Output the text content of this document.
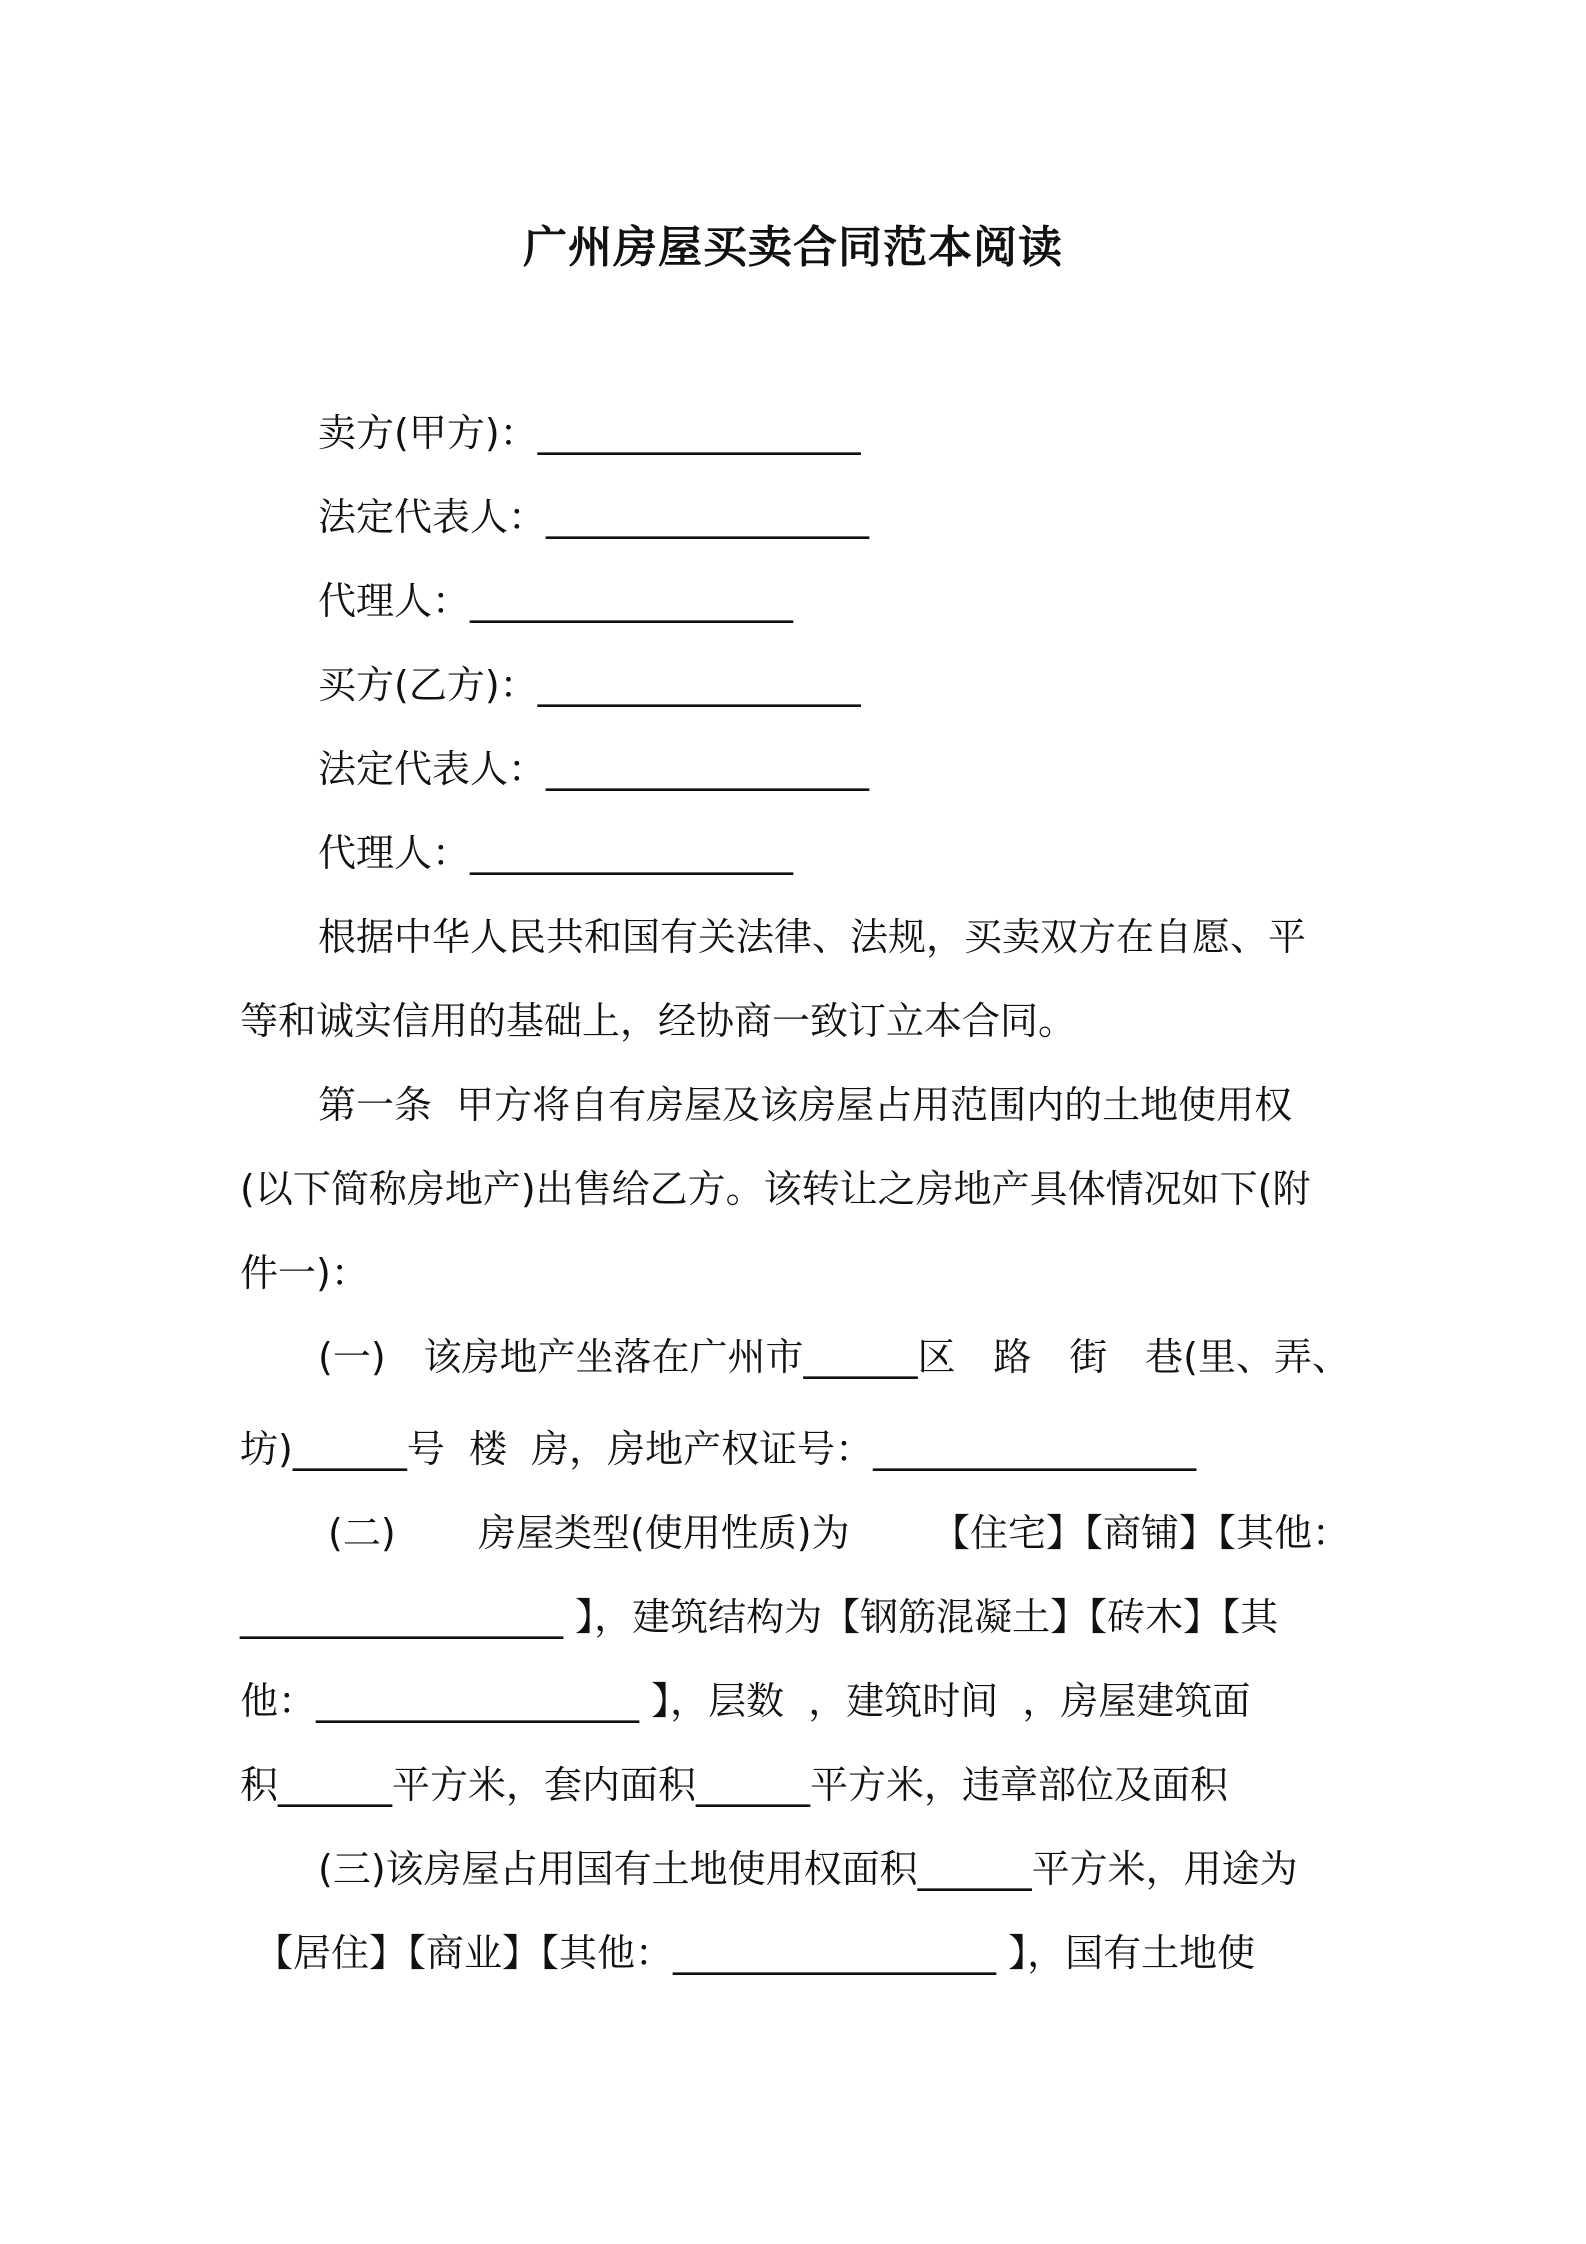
广州房屋买卖合同范本阅读
卖方(甲方)：_________________
法定代表人：_________________
代理人：_________________
买方(乙方)：_________________
法定代表人：_________________
代理人：_________________
根据中华人民共和国有关法律、法规，买卖双方在自愿、平
等和诚实信用的基础上，经协商一致订立本合同。
第一条  甲方将自有房屋及该房屋占用范围内的土地使用权
(以下简称房地产)出售给乙方。该转让之房地产具体情况如下(附
件一)：
(一) 该房地产坐落在广州市______区 路 街 巷(里、弄、
坊)______号  楼  房，房地产权证号：_________________
(二) 房屋类型(使用性质)为 【住宅】【商铺】【其他：
_________________ 】，建筑结构为【钢筋混凝土】【砖木】【其
他：_________________ 】，层数  ，建筑时间  ，房屋建筑面
积______平方米，套内面积______平方米，违章部位及面积
(三)该房屋占用国有土地使用权面积______平方米，用途为
【居住】【商业】【其他：_________________ 】，国有土地使
